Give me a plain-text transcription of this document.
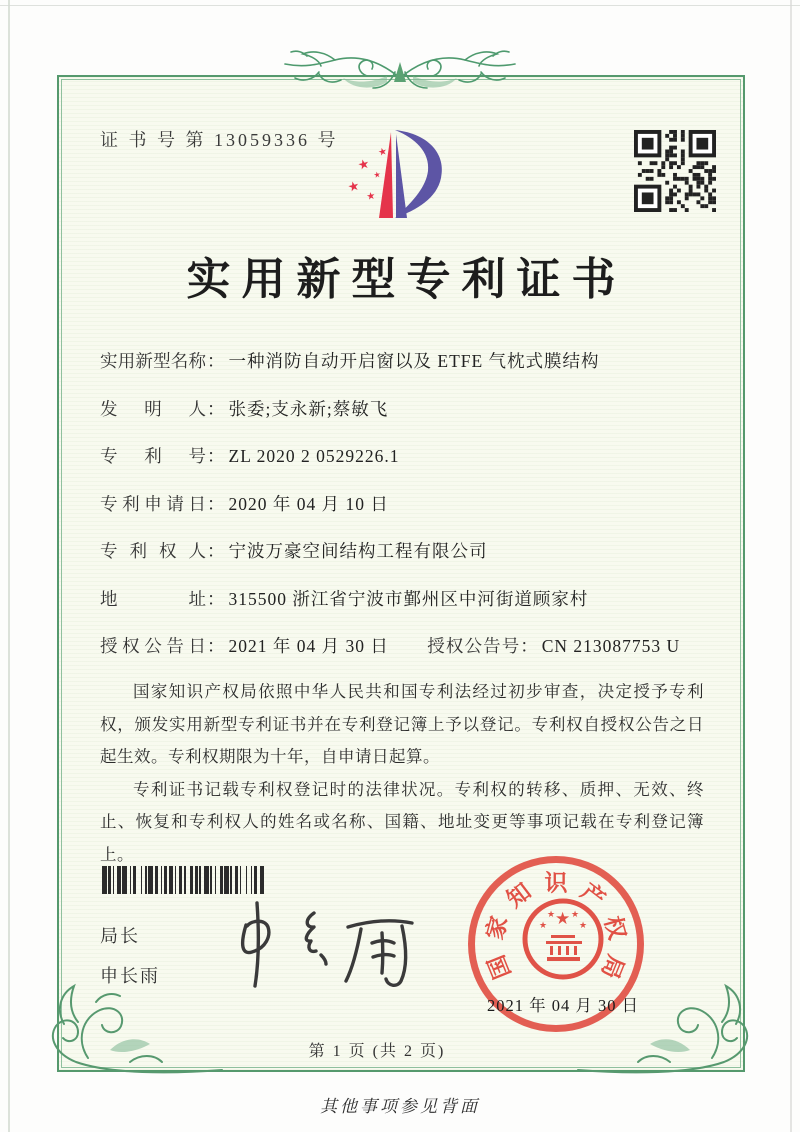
证 书 号 第 13059336 号
★
★
★
★
★
实用新型专利证书
实用新型名称： 一种消防自动开启窗以及 ETFE 气枕式膜结构
发明人： 张委;支永新;蔡敏飞
专利号： ZL 2020 2 0529226.1
专利申请日： 2020 年 04 月 10 日
专利权人： 宁波万豪空间结构工程有限公司
地址： 315500 浙江省宁波市鄞州区中河街道顾家村
授权公告日： 2021 年 04 月 30 日 授权公告号： CN 213087753 U

国家知识产权局依照中华人民共和国专利法经过初步审查，决定授予专利权，颁发实用新型专利证书并在专利登记簿上予以登记。专利权自授权公告之日起生效。专利权期限为十年，自申请日起算。

专利证书记载专利权登记时的法律状况。专利权的转移、质押、无效、终止、恢复和专利权人的姓名或名称、国籍、地址变更等事项记载在专利登记簿上。

局长
申长雨
★
★
★ ★
★
国
家
知 识 产
权
局
2021 年 04 月 30 日
第 1 页 (共 2 页)
其他事项参见背面
